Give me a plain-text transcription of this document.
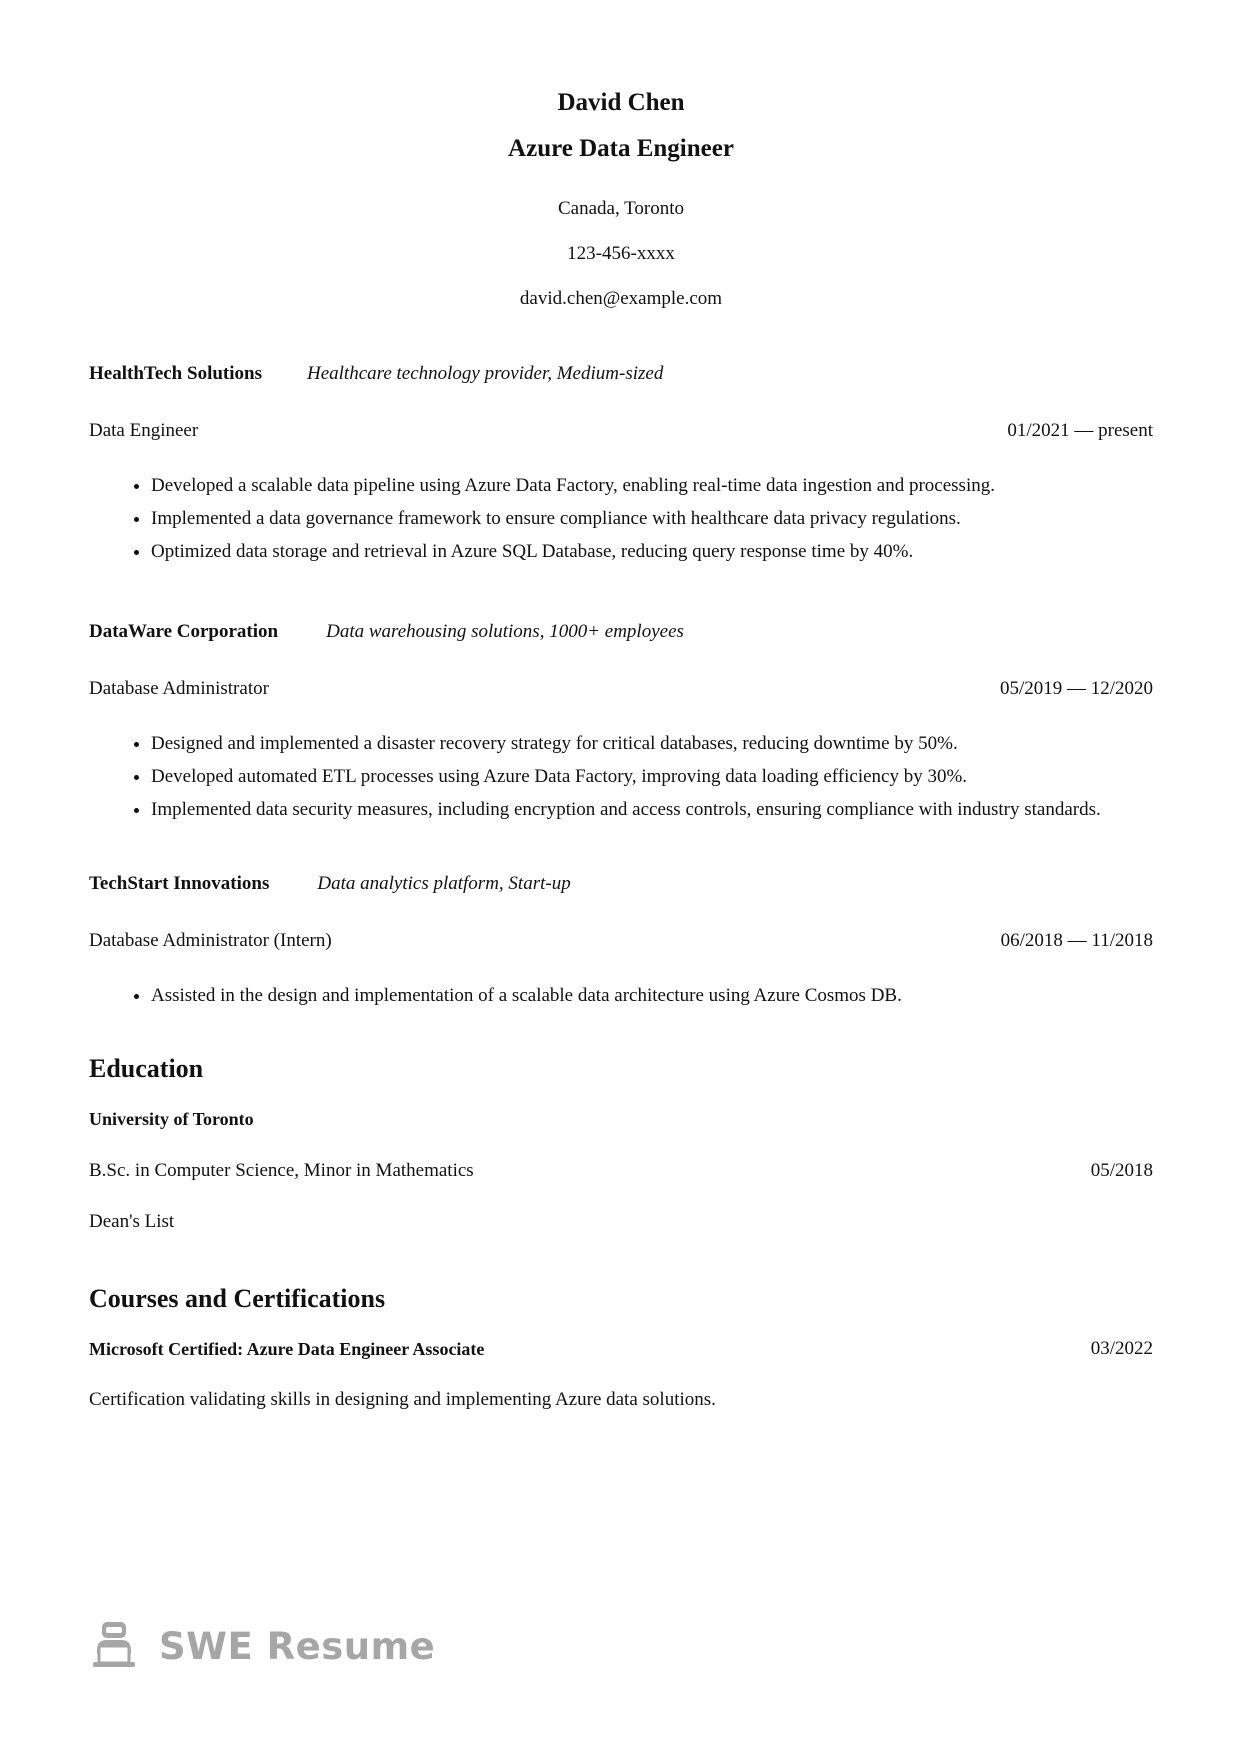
David Chen
Azure Data Engineer
Canada, Toronto
123-456-xxxx
david.chen@example.com
HealthTech Solutions Healthcare technology provider, Medium-sized
Data Engineer	01/2021 — present
• Developed a scalable data pipeline using Azure Data Factory, enabling real-time data ingestion and processing.
• Implemented a data governance framework to ensure compliance with healthcare data privacy regulations.
• Optimized data storage and retrieval in Azure SQL Database, reducing query response time by 40%.
DataWare Corporation	Data warehousing solutions, 1000+ employees
Database Administrator	05/2019 — 12/2020
• Designed and implemented a disaster recovery strategy for critical databases, reducing downtime by 50%.
• Developed automated ETL processes using Azure Data Factory, improving data loading efficiency by 30%.
• Implemented data security measures, including encryption and access controls, ensuring compliance with industry standards.
TechStart Innovations	Data analytics platform, Start-up
Database Administrator (Intern)	06/2018 — 11/2018
• Assisted in the design and implementation of a scalable data architecture using Azure Cosmos DB.
Education
University of Toronto
B.Sc. in Computer Science, Minor in Mathematics	05/2018
Dean's List
Courses and Certifications
Microsoft Certified: Azure Data Engineer Associate	03/2022
Certification validating skills in designing and implementing Azure data solutions.
SWE Resume
